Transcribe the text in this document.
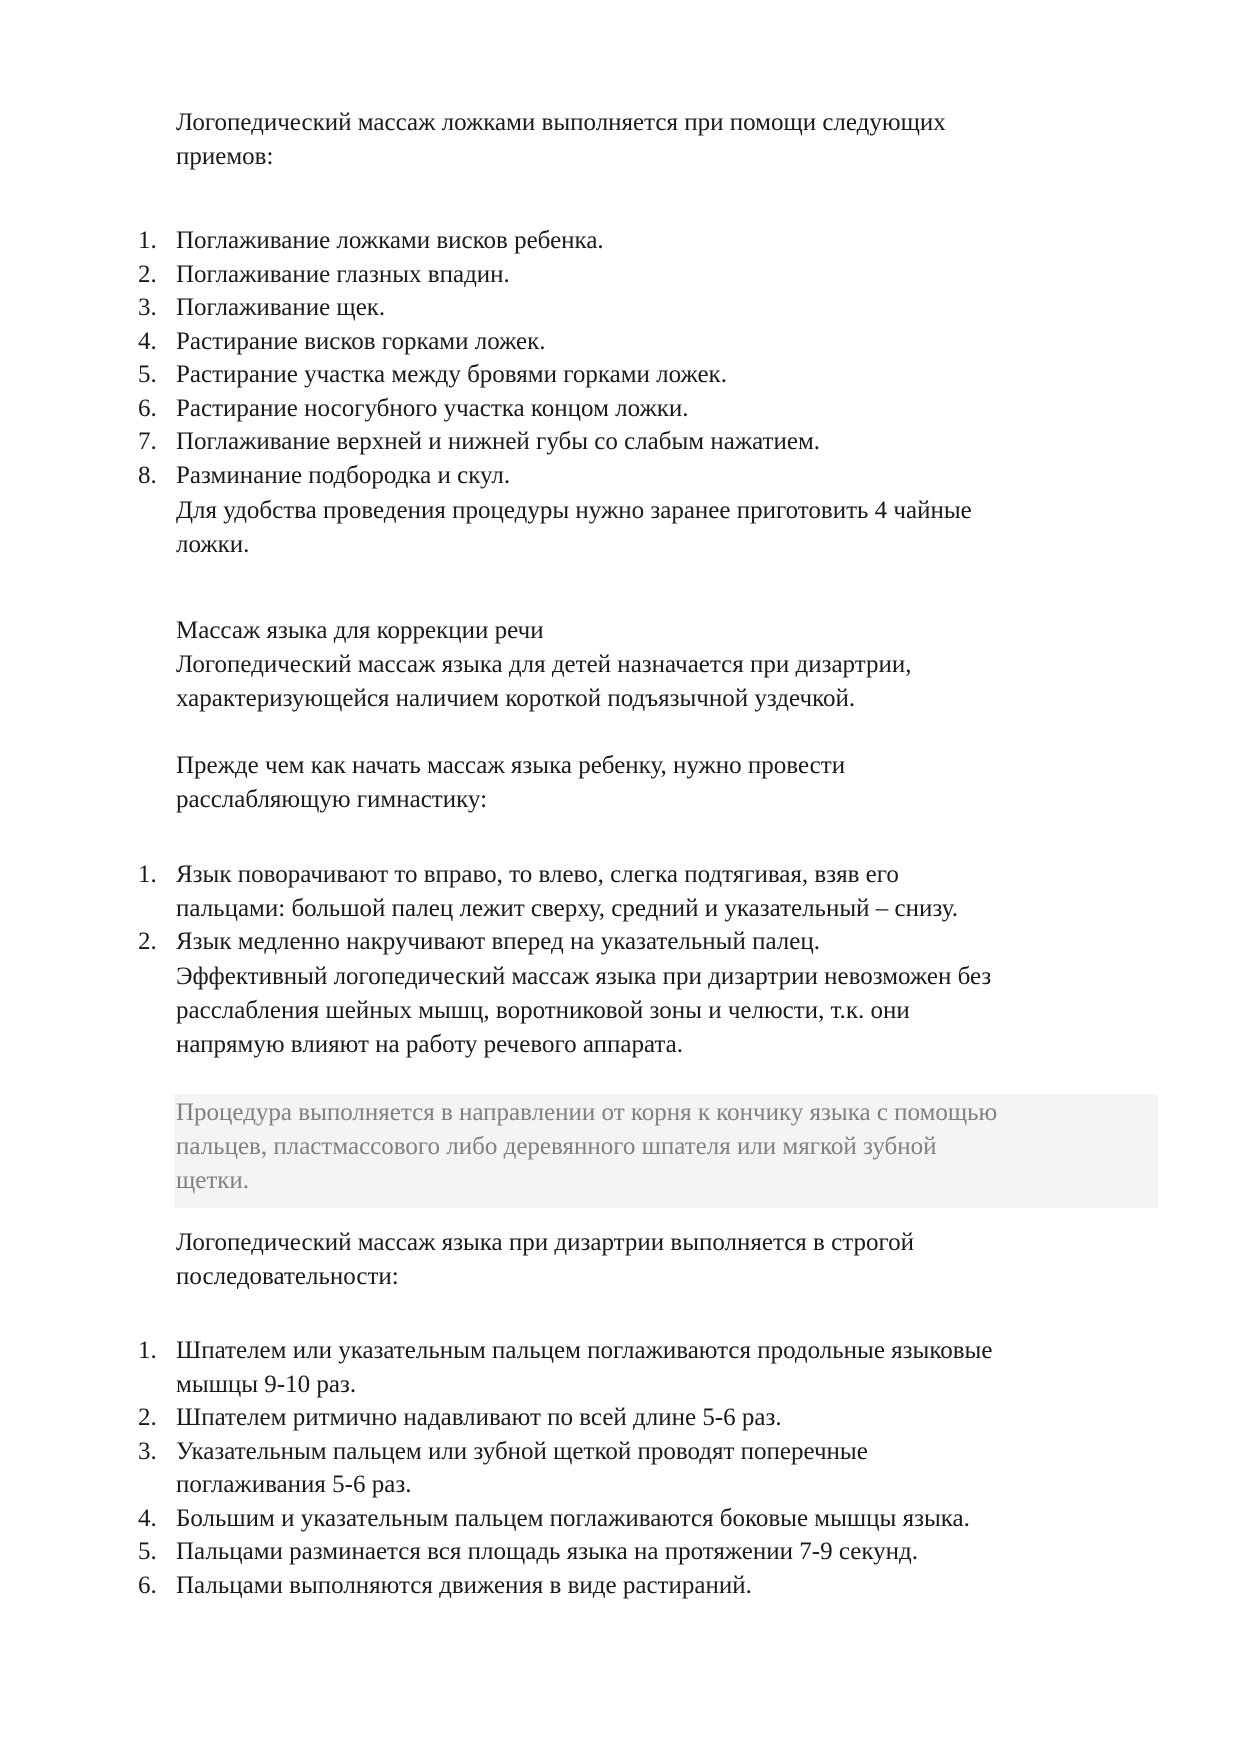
Логопедический массаж ложками выполняется при помощи следующих
приемов:
1. Поглаживание ложками висков ребенка.
2. Поглаживание глазных впадин.
3. Поглаживание щек.
4. Растирание висков горками ложек.
5. Растирание участка между бровями горками ложек.
6. Растирание носогубного участка концом ложки.
7. Поглаживание верхней и нижней губы со слабым нажатием.
8. Разминание подбородка и скул.
Для удобства проведения процедуры нужно заранее приготовить 4 чайные
ложки.
Массаж языка для коррекции речи
Логопедический массаж языка для детей назначается при дизартрии,
характеризующейся наличием короткой подъязычной уздечкой.
Прежде чем как начать массаж языка ребенку, нужно провести
расслабляющую гимнастику:
1. Язык поворачивают то вправо, то влево, слегка подтягивая, взяв его
пальцами: большой палец лежит сверху, средний и указательный – снизу.
2. Язык медленно накручивают вперед на указательный палец.
Эффективный логопедический массаж языка при дизартрии невозможен без
расслабления шейных мышц, воротниковой зоны и челюсти, т.к. они
напрямую влияют на работу речевого аппарата.
Процедура выполняется в направлении от корня к кончику языка с помощью
пальцев, пластмассового либо деревянного шпателя или мягкой зубной
щетки.
Логопедический массаж языка при дизартрии выполняется в строгой
последовательности:
1. Шпателем или указательным пальцем поглаживаются продольные языковые
мышцы 9-10 раз.
2. Шпателем ритмично надавливают по всей длине 5-6 раз.
3. Указательным пальцем или зубной щеткой проводят поперечные
поглаживания 5-6 раз.
4. Большим и указательным пальцем поглаживаются боковые мышцы языка.
5. Пальцами разминается вся площадь языка на протяжении 7-9 секунд.
6. Пальцами выполняются движения в виде растираний.
